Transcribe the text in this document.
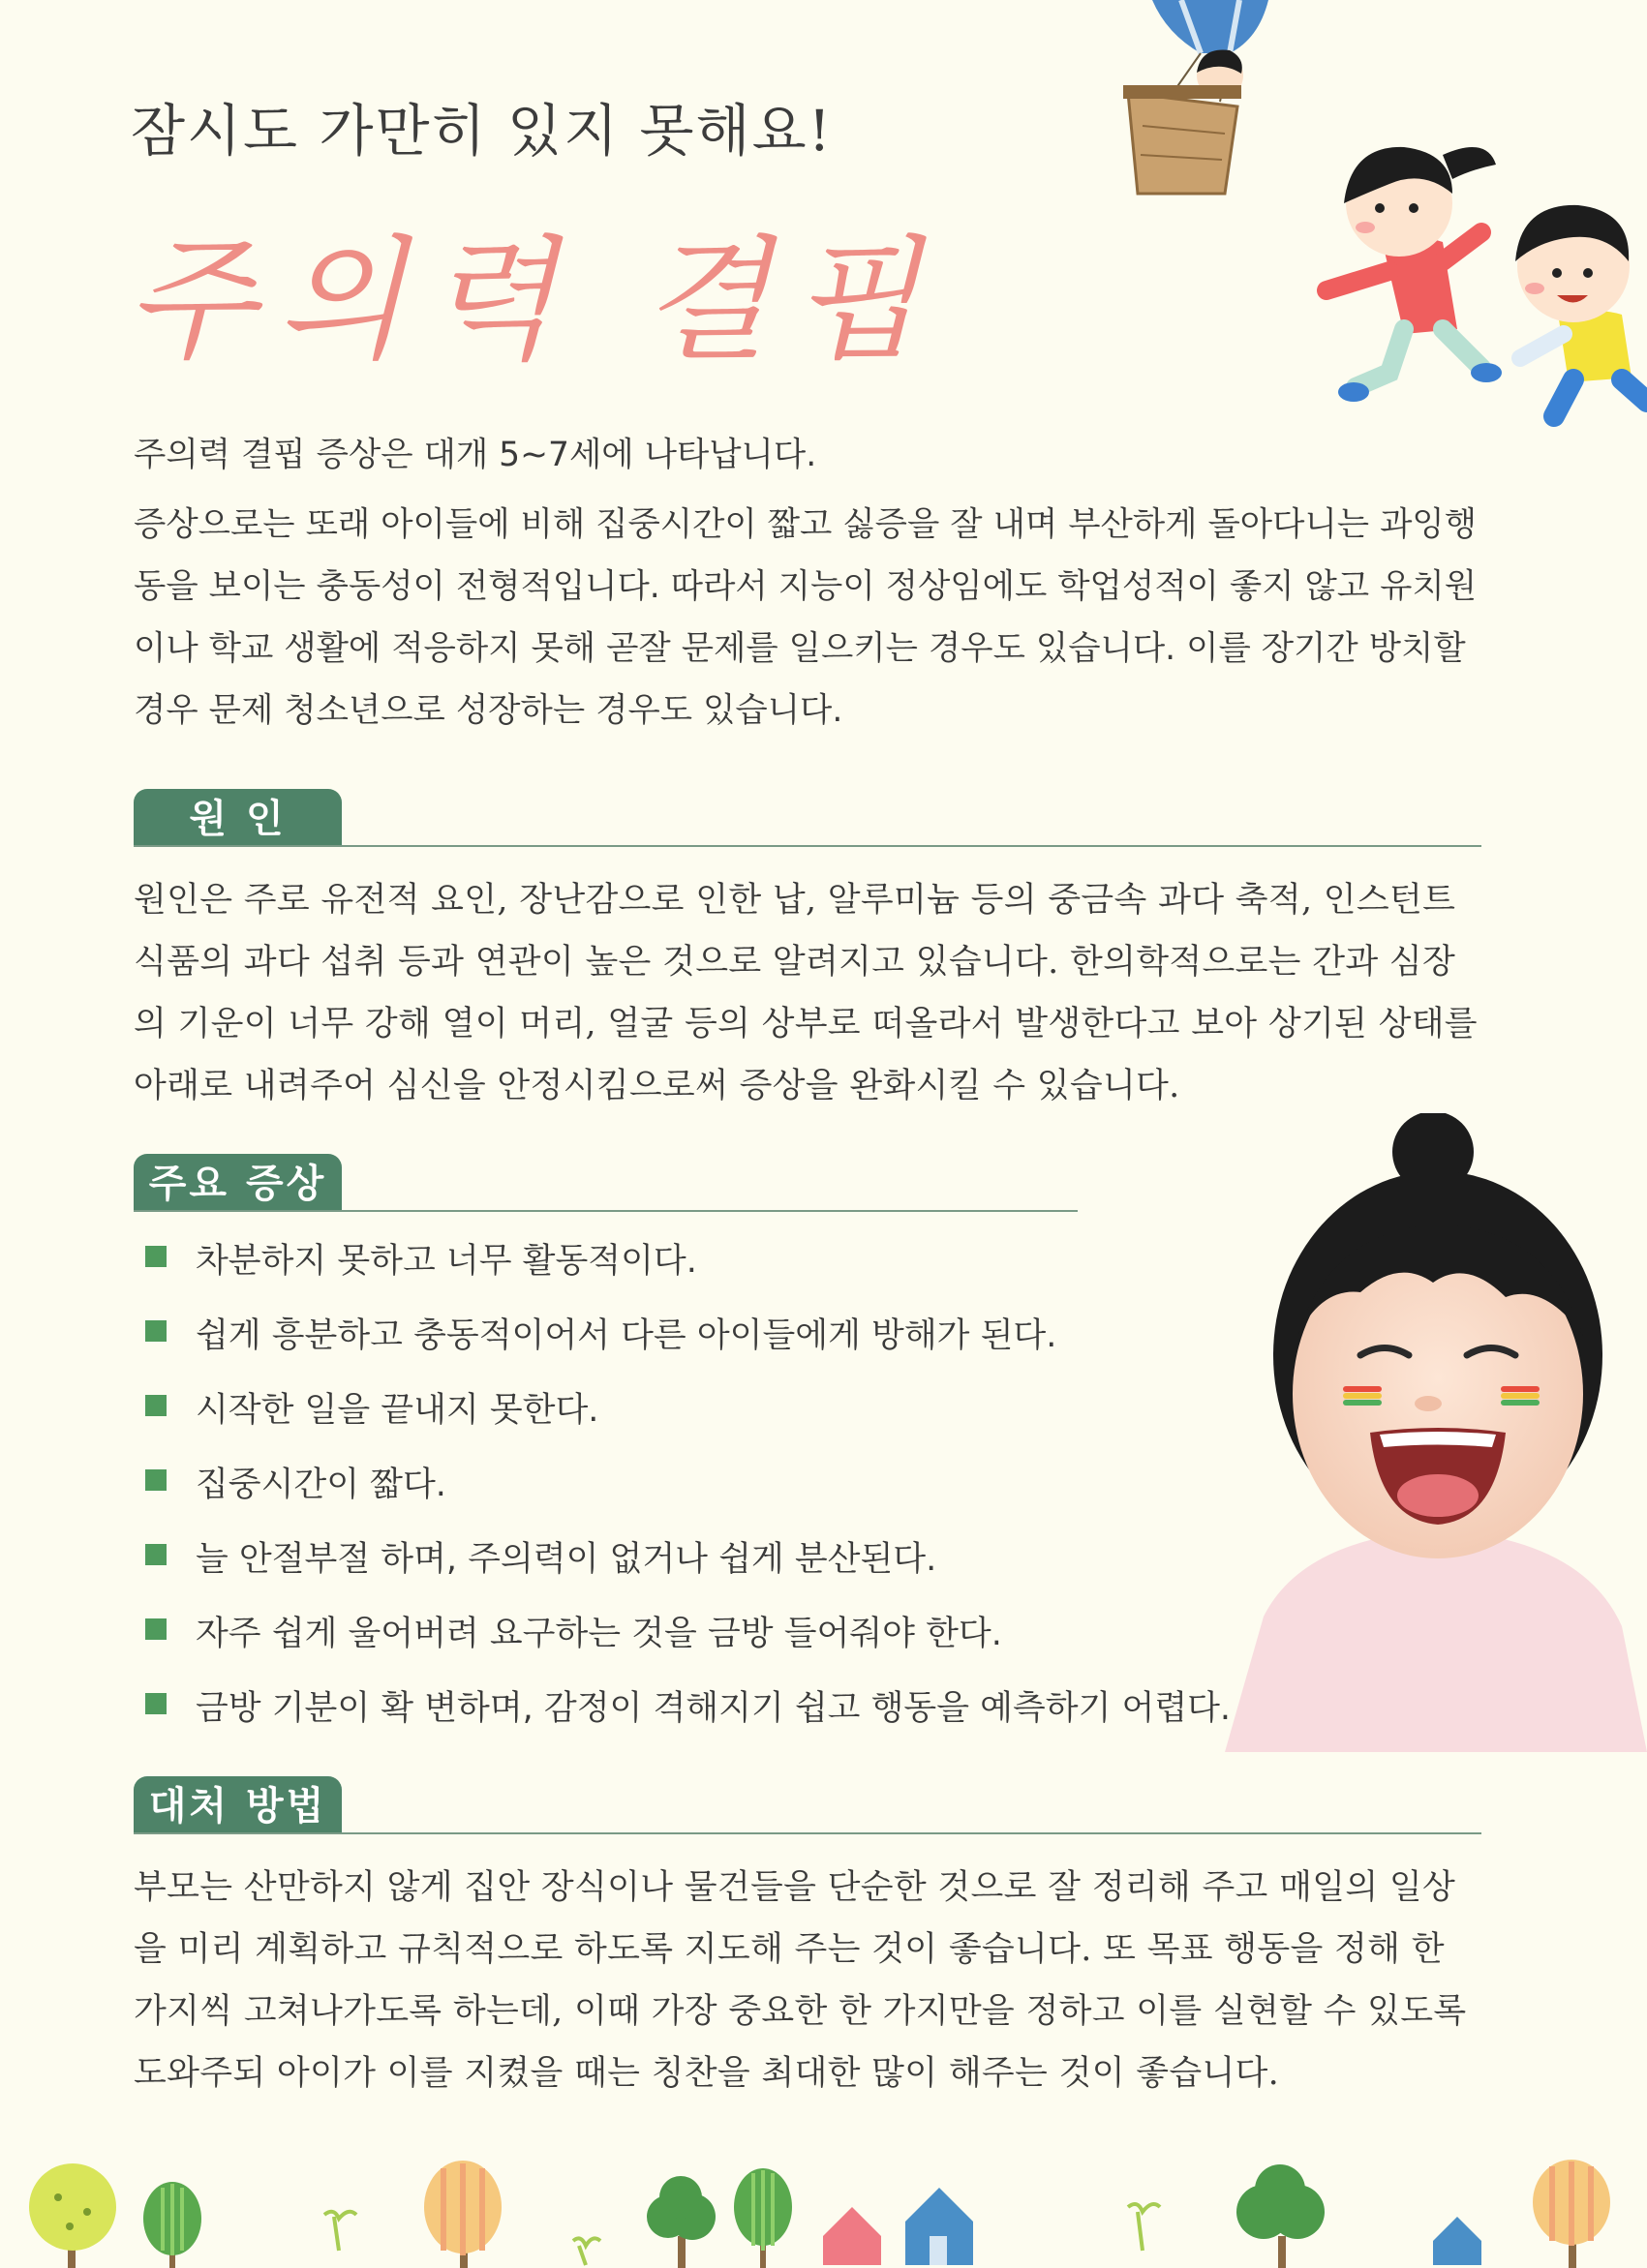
잠시도 가만히 있지 못해요!
주의력 결핍
주의력 결핍 증상은 대개 5~7세에 나타납니다.
증상으로는 또래 아이들에 비해 집중시간이 짧고 싫증을 잘 내며 부산하게 돌아다니는 과잉행동을 보이는 충동성이 전형적입니다. 따라서 지능이 정상임에도 학업성적이 좋지 않고 유치원이나 학교 생활에 적응하지 못해 곧잘 문제를 일으키는 경우도 있습니다. 이를 장기간 방치할 경우 문제 청소년으로 성장하는 경우도 있습니다.
원 인
원인은 주로 유전적 요인, 장난감으로 인한 납, 알루미늄 등의 중금속 과다 축적, 인스턴트식품의 과다 섭취 등과 연관이 높은 것으로 알려지고 있습니다. 한의학적으로는 간과 심장의 기운이 너무 강해 열이 머리, 얼굴 등의 상부로 떠올라서 발생한다고 보아 상기된 상태를 아래로 내려주어 심신을 안정시킴으로써 증상을 완화시킬 수 있습니다.
주요 증상
차분하지 못하고 너무 활동적이다.
쉽게 흥분하고 충동적이어서 다른 아이들에게 방해가 된다.
시작한 일을 끝내지 못한다.
집중시간이 짧다.
늘 안절부절 하며, 주의력이 없거나 쉽게 분산된다.
자주 쉽게 울어버려 요구하는 것을 금방 들어줘야 한다.
금방 기분이 확 변하며, 감정이 격해지기 쉽고 행동을 예측하기 어렵다.
대처 방법
부모는 산만하지 않게 집안 장식이나 물건들을 단순한 것으로 잘 정리해 주고 매일의 일상을 미리 계획하고 규칙적으로 하도록 지도해 주는 것이 좋습니다. 또 목표 행동을 정해 한 가지씩 고쳐나가도록 하는데, 이때 가장 중요한 한 가지만을 정하고 이를 실현할 수 있도록 도와주되 아이가 이를 지켰을 때는 칭찬을 최대한 많이 해주는 것이 좋습니다.
